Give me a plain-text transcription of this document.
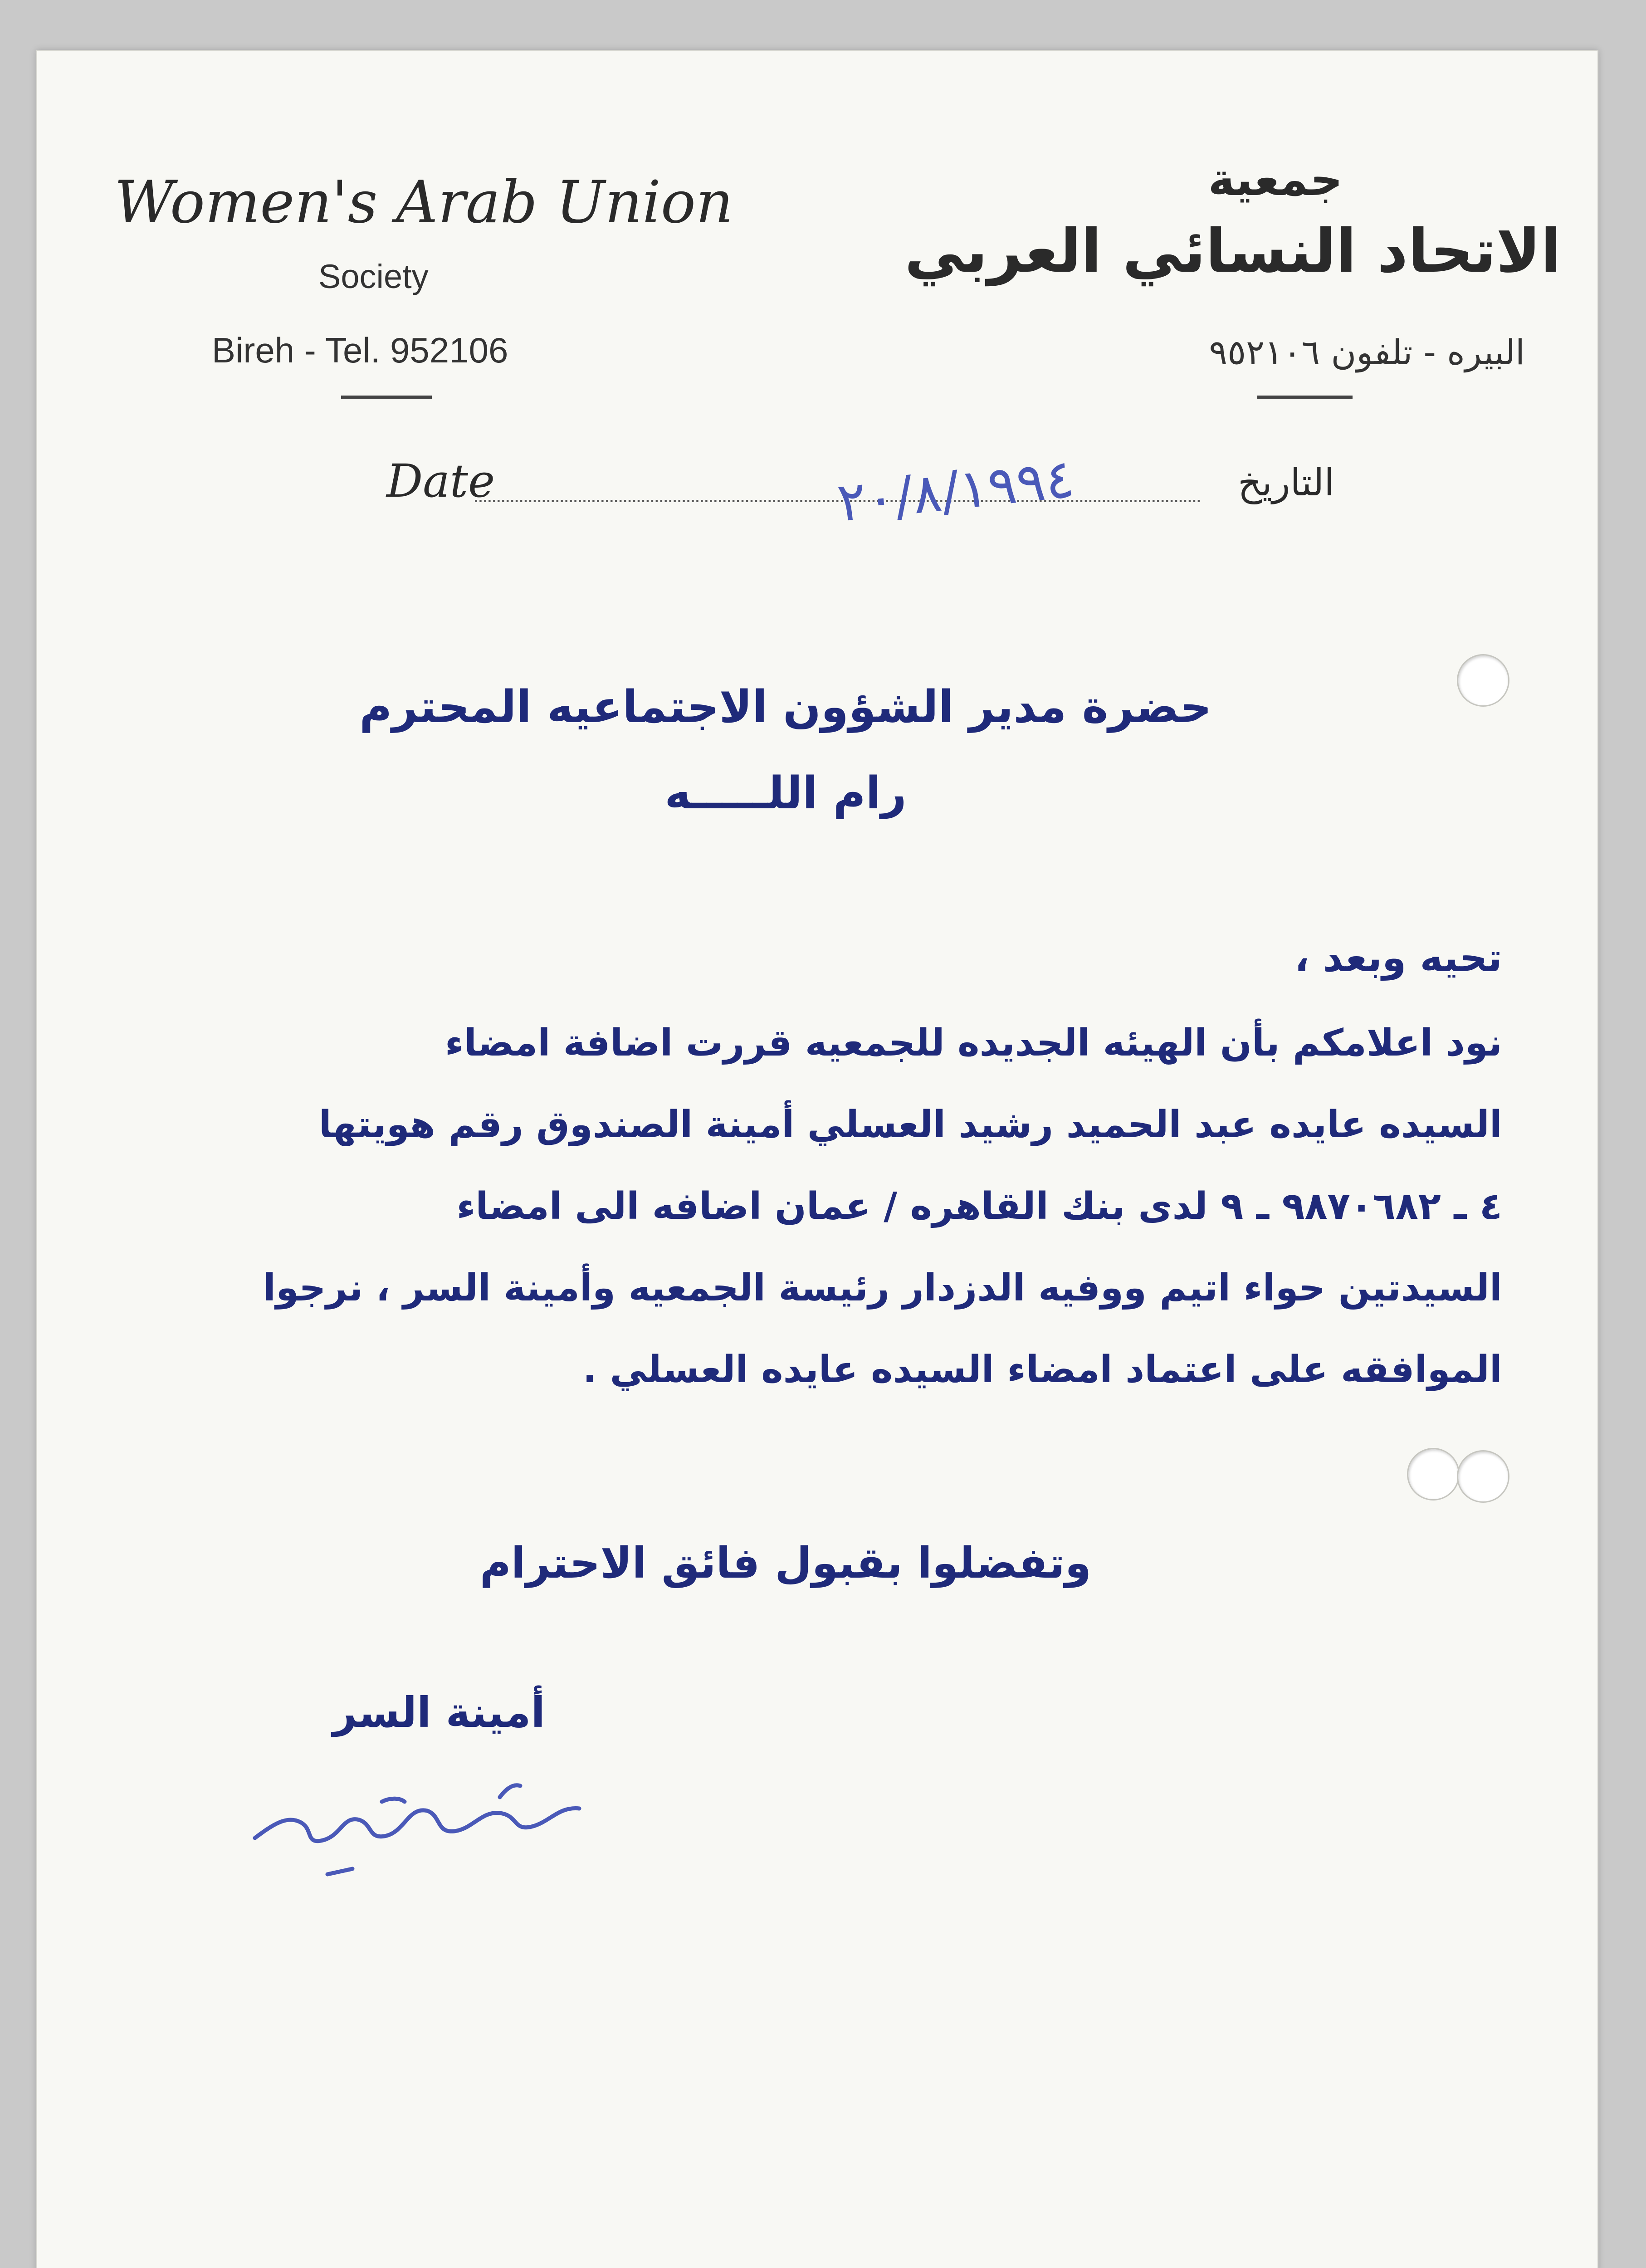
Women's Arab Union
Society
Bireh - Tel. 952106
جمعية
الاتحاد النسائي العربي
البيره - تلفون ٩٥٢١٠٦
Date	٢٠/٨/١٩٩٤	التاريخ
حضرة مدير الشؤون الاجتماعيه المحترم
رام اللـــــه
تحيه وبعد ،
نود اعلامكم بأن الهيئه الجديده للجمعيه قررت اضافة امضاء
السيده عايده عبد الحميد رشيد العسلي أمينة الصندوق رقم هويتها
٤ ـ ٩٨٧٠٦٨٢ ـ ٩ لدى بنك القاهره / عمان اضافه الى امضاء
السيدتين حواء اتيم ووفيه الدزدار رئيسة الجمعيه وأمينة السر ، نرجوا
الموافقه على اعتماد امضاء السيده عايده العسلي .
وتفضلوا بقبول فائق الاحترام
أمينة السر
